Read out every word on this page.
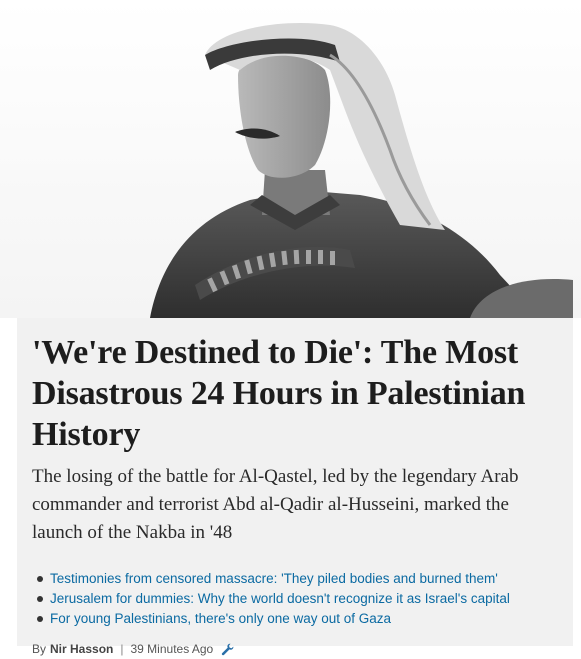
'We're Destined to Die': The Most Disastrous 24 Hours in Palestinian History

The losing of the battle for Al-Qastel, led by the legendary Arab commander and terrorist Abd al-Qadir al-Husseini, marked the launch of the Nakba in '48

Testimonies from censored massacre: 'They piled bodies and burned them'
Jerusalem for dummies: Why the world doesn't recognize it as Israel's capital
For young Palestinians, there's only one way out of Gaza
By Nir Hasson | 39 Minutes Ago
